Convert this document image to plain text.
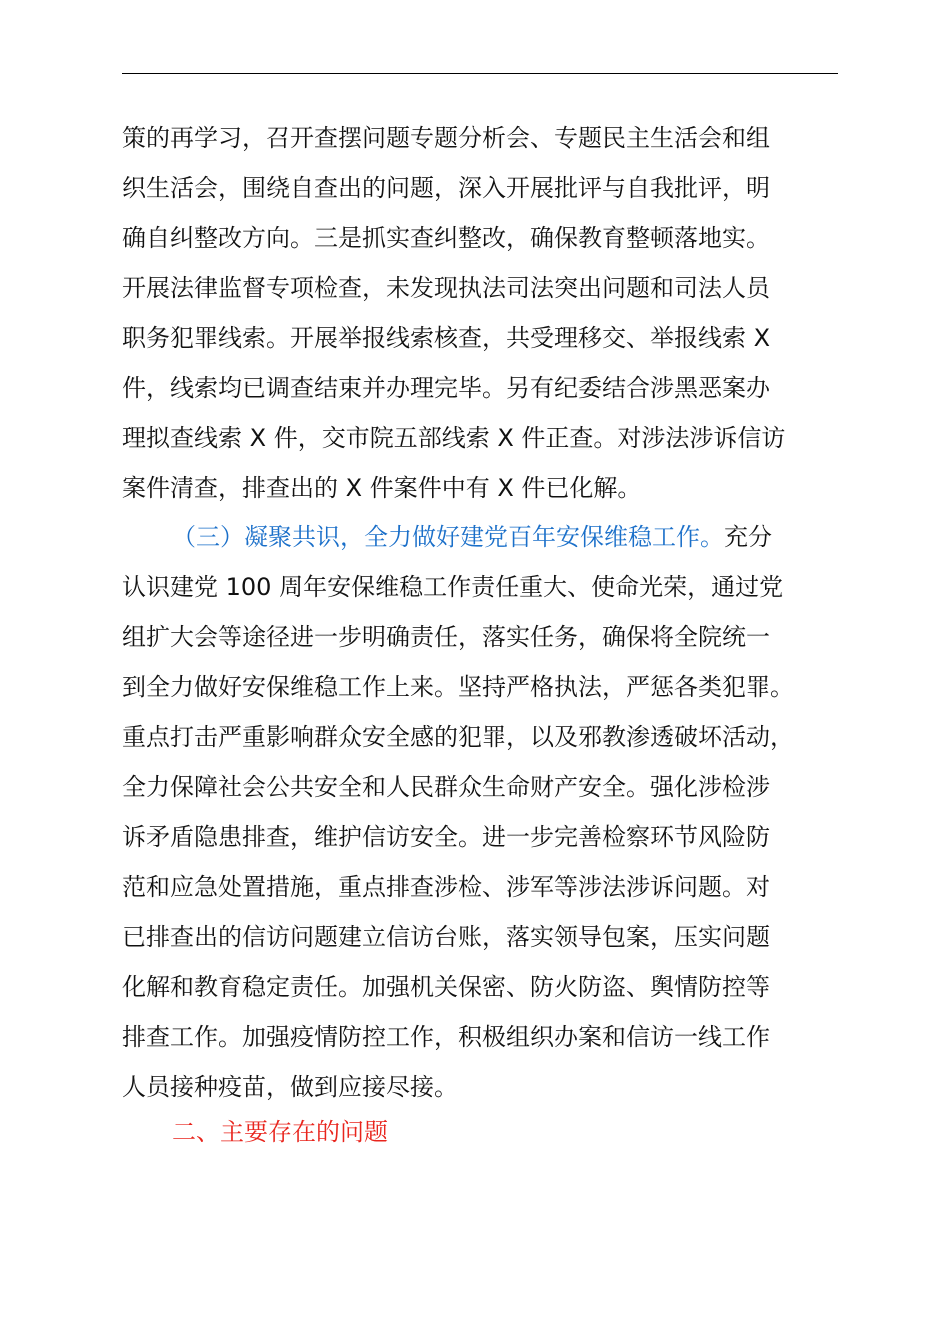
策的再学习，召开查摆问题专题分析会、专题民主生活会和组
织生活会，围绕自查出的问题，深入开展批评与自我批评，明
确自纠整改方向。三是抓实查纠整改，确保教育整顿落地实。
开展法律监督专项检查，未发现执法司法突出问题和司法人员
职务犯罪线索。开展举报线索核查，共受理移交、举报线索 X
件，线索均已调查结束并办理完毕。另有纪委结合涉黑恶案办
理拟查线索 X 件，交市院五部线索 X 件正查。对涉法涉诉信访
案件清查，排查出的 X 件案件中有 X 件已化解。
（三）凝聚共识，全力做好建党百年安保维稳工作。充分
认识建党 100 周年安保维稳工作责任重大、使命光荣，通过党
组扩大会等途径进一步明确责任，落实任务，确保将全院统一
到全力做好安保维稳工作上来。坚持严格执法，严惩各类犯罪。
重点打击严重影响群众安全感的犯罪，以及邪教渗透破坏活动，
全力保障社会公共安全和人民群众生命财产安全。强化涉检涉
诉矛盾隐患排查，维护信访安全。进一步完善检察环节风险防
范和应急处置措施，重点排查涉检、涉军等涉法涉诉问题。对
已排查出的信访问题建立信访台账，落实领导包案，压实问题
化解和教育稳定责任。加强机关保密、防火防盗、舆情防控等
排查工作。加强疫情防控工作，积极组织办案和信访一线工作
人员接种疫苗，做到应接尽接。
二、主要存在的问题
